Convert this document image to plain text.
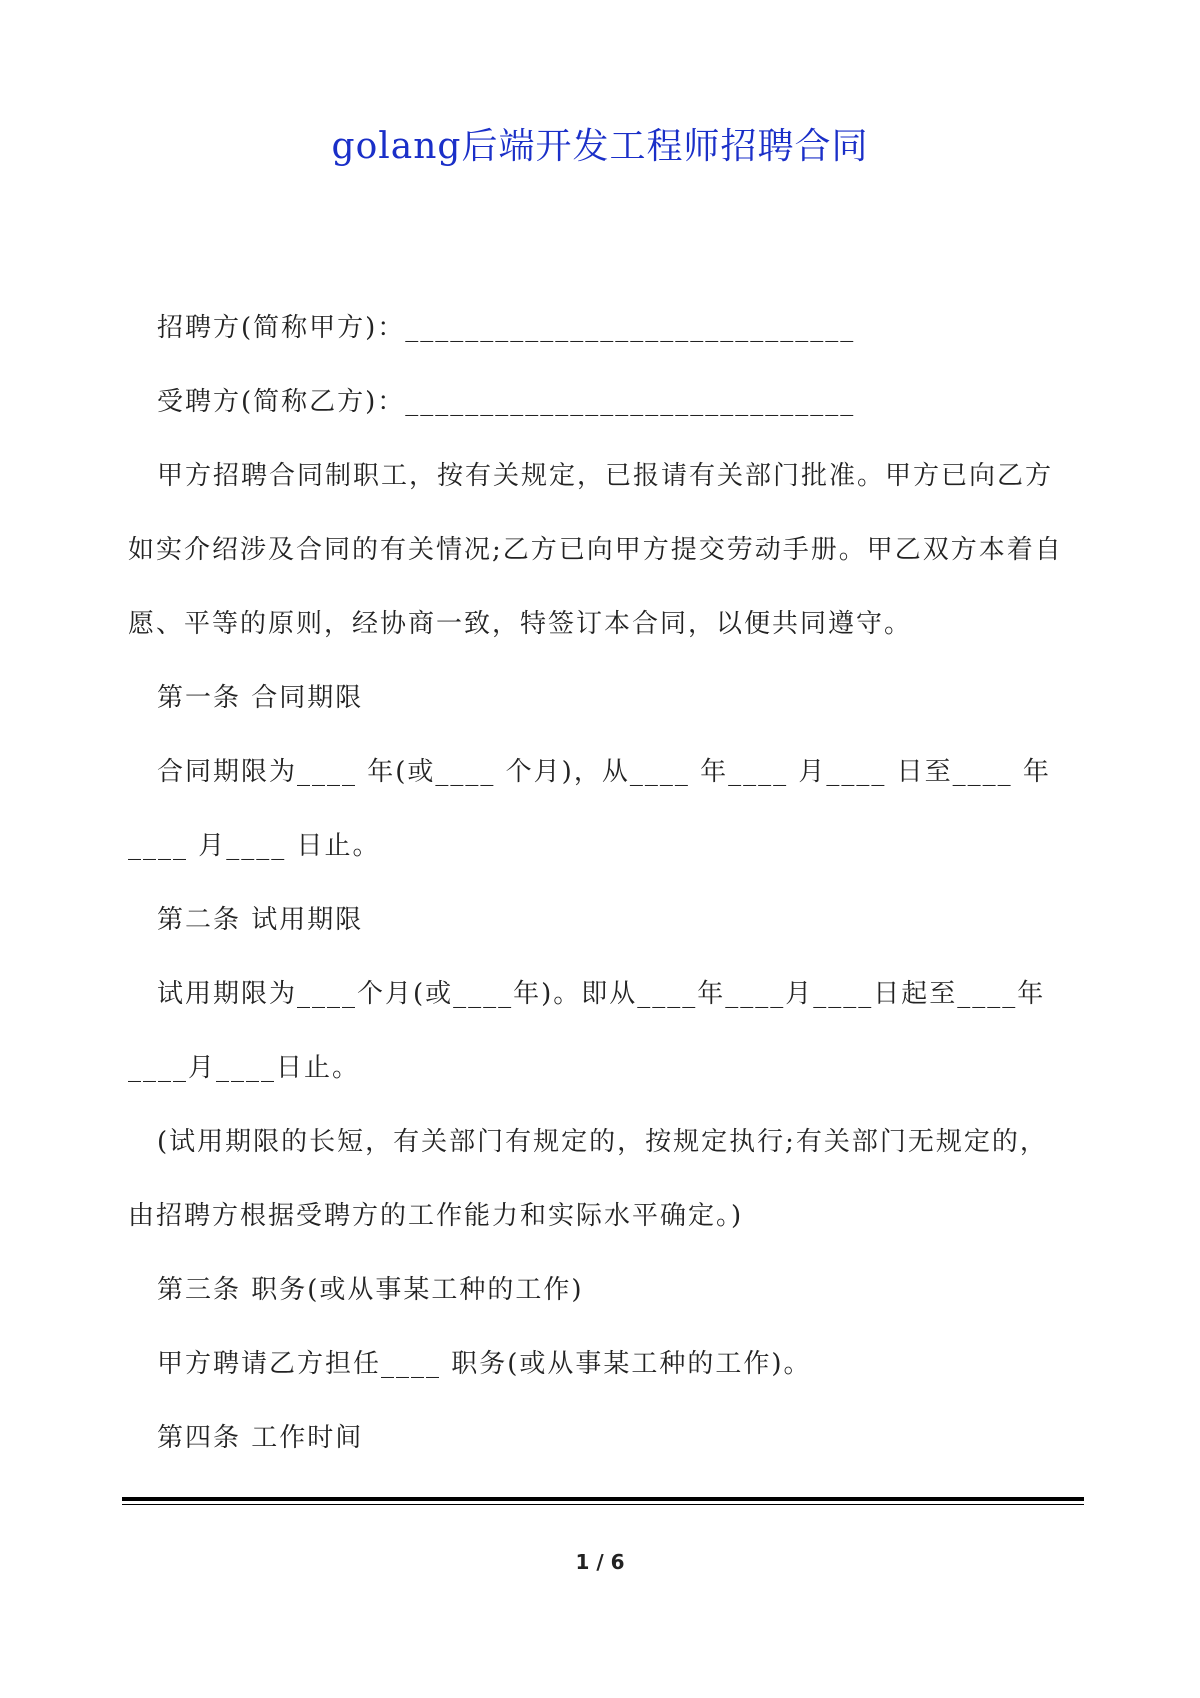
golang后端开发工程师招聘合同
招聘方(简称甲方)：______________________________
受聘方(简称乙方)：______________________________
甲方招聘合同制职工，按有关规定，已报请有关部门批准。甲方已向乙方
如实介绍涉及合同的有关情况;乙方已向甲方提交劳动手册。甲乙双方本着自
愿、平等的原则，经协商一致，特签订本合同，以便共同遵守。
第一条 合同期限
合同期限为____ 年(或____ 个月)，从____ 年____ 月____ 日至____ 年
____ 月____ 日止。
第二条 试用期限
试用期限为____个月(或____年)。即从____年____月____日起至____年
____月____日止。
(试用期限的长短，有关部门有规定的，按规定执行;有关部门无规定的，
由招聘方根据受聘方的工作能力和实际水平确定。)
第三条 职务(或从事某工种的工作)
甲方聘请乙方担任____ 职务(或从事某工种的工作)。
第四条 工作时间
1 / 6
